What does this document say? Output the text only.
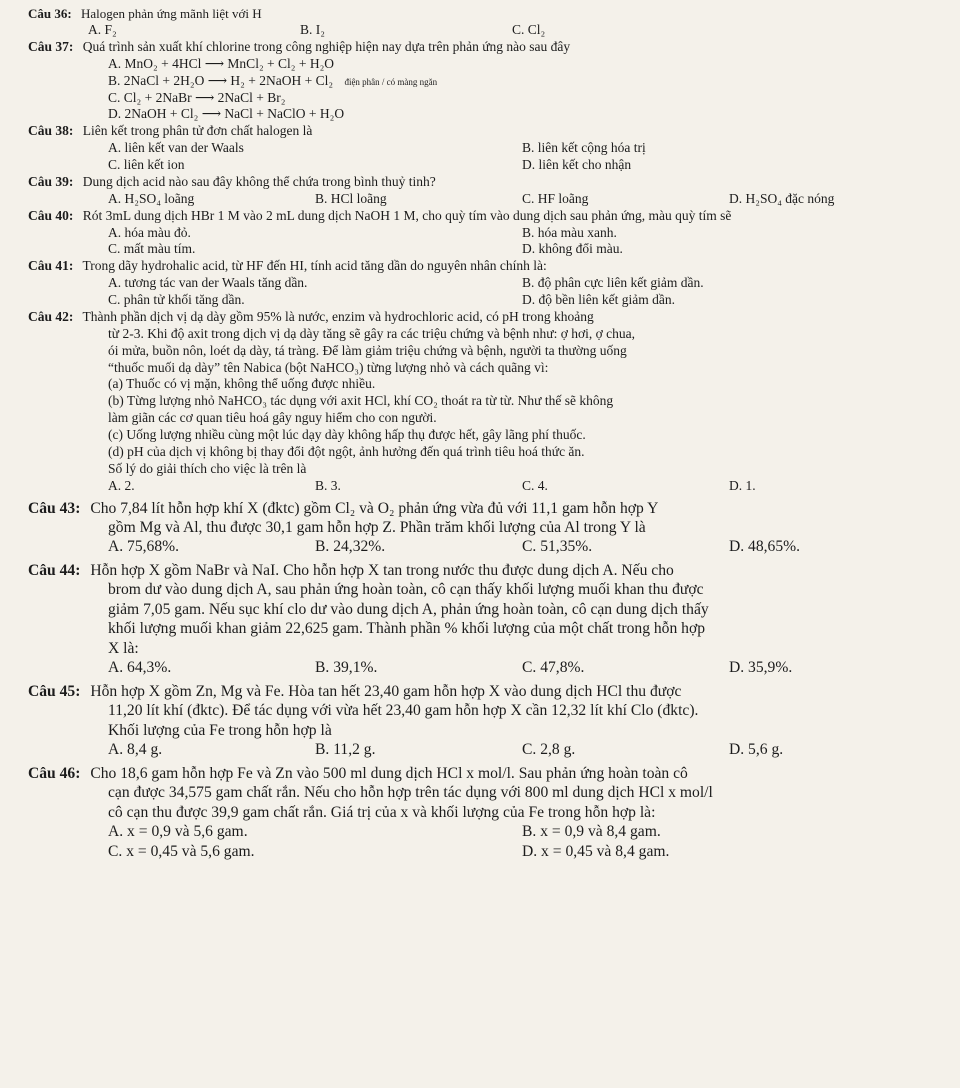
Câu 36: Halogen phản ứng mãnh liệt với H
A. F₂	B. I₂	C. Cl₂
Câu 37: Quá trình sản xuất khí chlorine trong công nghiệp hiện nay dựa trên phản ứng nào sau đây
A. MnO₂ + 4HCl ⟶ MnCl₂ + Cl₂ + H₂O
B. 2NaCl + 2H₂O ⟶ H₂ + 2NaOH + Cl₂ điện phân / có màng ngăn
C. Cl₂ + 2NaBr ⟶ 2NaCl + Br₂
D. 2NaOH + Cl₂ ⟶ NaCl + NaClO + H₂O
Câu 38: Liên kết trong phân tử đơn chất halogen là
A. liên kết van der Waals	B. liên kết cộng hóa trị
C. liên kết ion	D. liên kết cho nhận
Câu 39: Dung dịch acid nào sau đây không thể chứa trong bình thuỷ tinh?
A. H₂SO₄ loãng	B. HCl loãng	C. HF loãng	D. H₂SO₄ đặc nóng
Câu 40: Rót 3mL dung dịch HBr 1 M vào 2 mL dung dịch NaOH 1 M, cho quỳ tím vào dung dịch sau phản ứng, màu quỳ tím sẽ
A. hóa màu đỏ.	B. hóa màu xanh.
C. mất màu tím.	D. không đổi màu.
Câu 41: Trong dãy hydrohalic acid, từ HF đến HI, tính acid tăng dần do nguyên nhân chính là:
A. tương tác van der Waals tăng dần.	B. độ phân cực liên kết giảm dần.
C. phân tử khối tăng dần.	D. độ bền liên kết giảm dần.
Câu 42: Thành phần dịch vị dạ dày gồm 95% là nước, enzim và hydrochloric acid, có pH trong khoảng
từ 2-3. Khi độ axit trong dịch vị dạ dày tăng sẽ gây ra các triệu chứng và bệnh như: ợ hơi, ợ chua,
ói mửa, buồn nôn, loét dạ dày, tá tràng. Để làm giảm triệu chứng và bệnh, người ta thường uống
“thuốc muối dạ dày” tên Nabica (bột NaHCO₃) từng lượng nhỏ và cách quãng vì:
(a) Thuốc có vị mặn, không thể uống được nhiều.
(b) Từng lượng nhỏ NaHCO₃ tác dụng với axit HCl, khí CO₂ thoát ra từ từ. Như thế sẽ không
làm giãn các cơ quan tiêu hoá gây nguy hiểm cho con người.
(c) Uống lượng nhiều cùng một lúc dạy dày không hấp thụ được hết, gây lãng phí thuốc.
(d) pH của dịch vị không bị thay đổi đột ngột, ảnh hưởng đến quá trình tiêu hoá thức ăn.
Số lý do giải thích cho việc là trên là
A. 2.	B. 3.	C. 4.	D. 1.
Câu 43: Cho 7,84 lít hỗn hợp khí X (đktc) gồm Cl₂ và O₂ phản ứng vừa đủ với 11,1 gam hỗn hợp Y
gồm Mg và Al, thu được 30,1 gam hỗn hợp Z. Phần trăm khối lượng của Al trong Y là
A. 75,68%.	B. 24,32%.	C. 51,35%.	D. 48,65%.
Câu 44: Hỗn hợp X gồm NaBr và NaI. Cho hỗn hợp X tan trong nước thu được dung dịch A. Nếu cho
brom dư vào dung dịch A, sau phản ứng hoàn toàn, cô cạn thấy khối lượng muối khan thu được
giảm 7,05 gam. Nếu sục khí clo dư vào dung dịch A, phản ứng hoàn toàn, cô cạn dung dịch thấy
khối lượng muối khan giảm 22,625 gam. Thành phần % khối lượng của một chất trong hỗn hợp
X là:
A. 64,3%.	B. 39,1%.	C. 47,8%.	D. 35,9%.
Câu 45: Hỗn hợp X gồm Zn, Mg và Fe. Hòa tan hết 23,40 gam hỗn hợp X vào dung dịch HCl thu được
11,20 lít khí (đktc). Để tác dụng với vừa hết 23,40 gam hỗn hợp X cần 12,32 lít khí Clo (đktc).
Khối lượng của Fe trong hỗn hợp là
A. 8,4 g.	B. 11,2 g.	C. 2,8 g.	D. 5,6 g.
Câu 46: Cho 18,6 gam hỗn hợp Fe và Zn vào 500 ml dung dịch HCl x mol/l. Sau phản ứng hoàn toàn cô
cạn được 34,575 gam chất rắn. Nếu cho hỗn hợp trên tác dụng với 800 ml dung dịch HCl x mol/l
cô cạn thu được 39,9 gam chất rắn. Giá trị của x và khối lượng của Fe trong hỗn hợp là:
A. x = 0,9 và 5,6 gam.	B. x = 0,9 và 8,4 gam.
C. x = 0,45 và 5,6 gam.	D. x = 0,45 và 8,4 gam.
